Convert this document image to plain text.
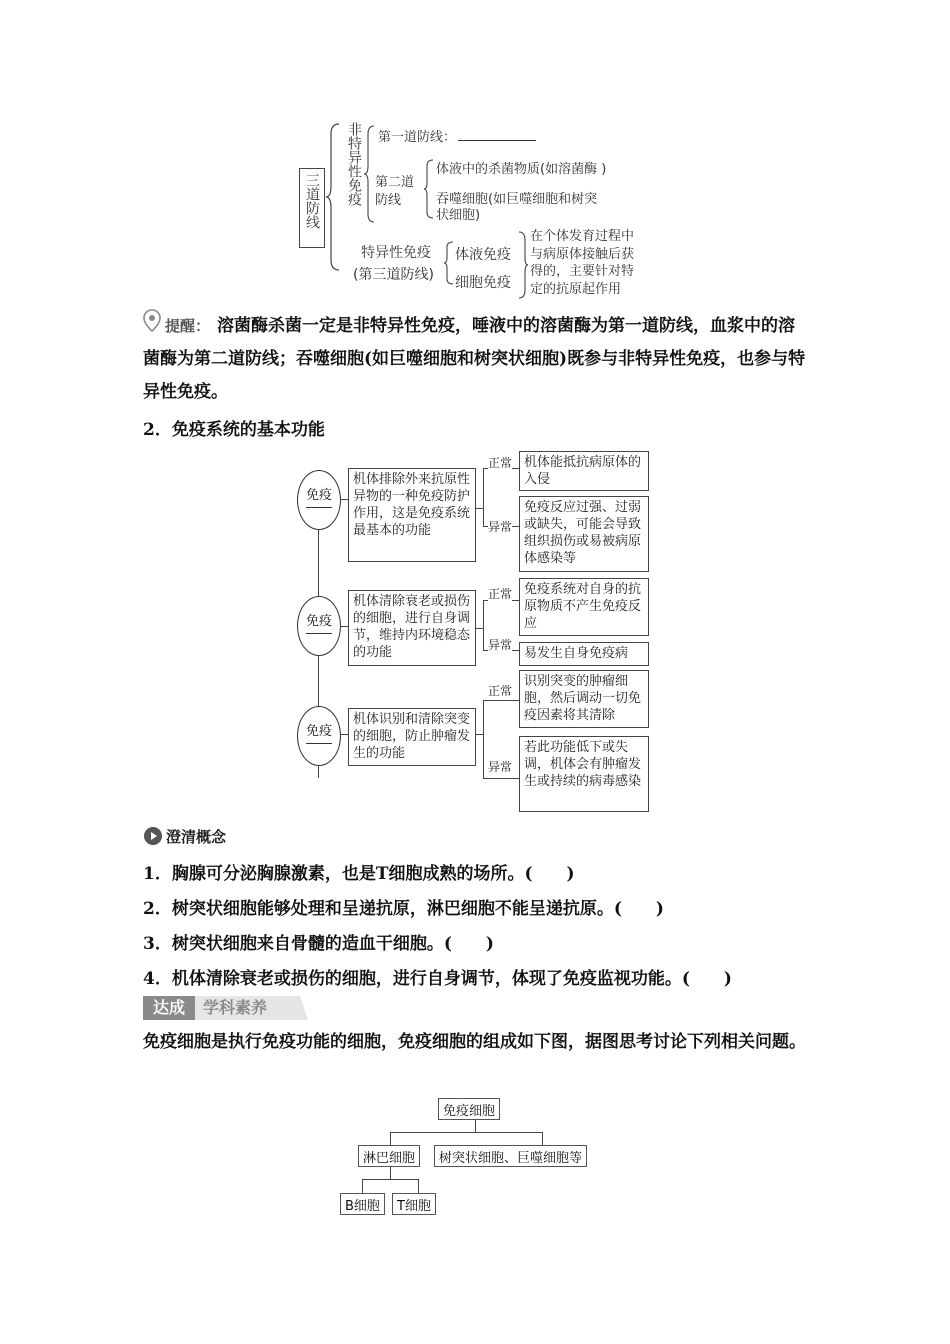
三道防线	非特异性免疫 第一道防线：
第二道防线
体液中的杀菌物质(如溶菌酶 )
吞噬细胞(如巨噬细胞和树突
状细胞)
特异性免疫
(第三道防线)
体液免疫
细胞免疫
在个体发育过程中
与病原体接触后获
得的，主要针对特
定的抗原起作用
提醒： 溶菌酶杀菌一定是非特异性免疫，唾液中的溶菌酶为第一道防线，血浆中的溶菌酶为第二道防线；吞噬细胞(如巨噬细胞和树突状细胞)既参与非特异性免疫，也参与特异性免疫。
2．免疫系统的基本功能
免疫
机体排除外来抗原性异物的一种免疫防护作用，这是免疫系统最基本的功能
正常
异常
机体能抵抗病原体的入侵
免疫反应过强、过弱或缺失，可能会导致组织损伤或易被病原体感染等
免疫
机体清除衰老或损伤的细胞，进行自身调节，维持内环境稳态的功能
正常
异常
免疫系统对自身的抗原物质不产生免疫反应
易发生自身免疫病
免疫
机体识别和清除突变的细胞，防止肿瘤发生的功能
正常
异常
识别突变的肿瘤细胞，然后调动一切免疫因素将其清除
若此功能低下或失调，机体会有肿瘤发生或持续的病毒感染
澄清概念
1．胸腺可分泌胸腺激素，也是T细胞成熟的场所。(　　)
2．树突状细胞能够处理和呈递抗原，淋巴细胞不能呈递抗原。(　　)
3．树突状细胞来自骨髓的造血干细胞。(　　)
4．机体清除衰老或损伤的细胞，进行自身调节，体现了免疫监视功能。(　　)
达成	学科素养
免疫细胞是执行免疫功能的细胞，免疫细胞的组成如下图，据图思考讨论下列相关问题。
免疫细胞
淋巴细胞	树突状细胞、巨噬细胞等
B细胞	T细胞
